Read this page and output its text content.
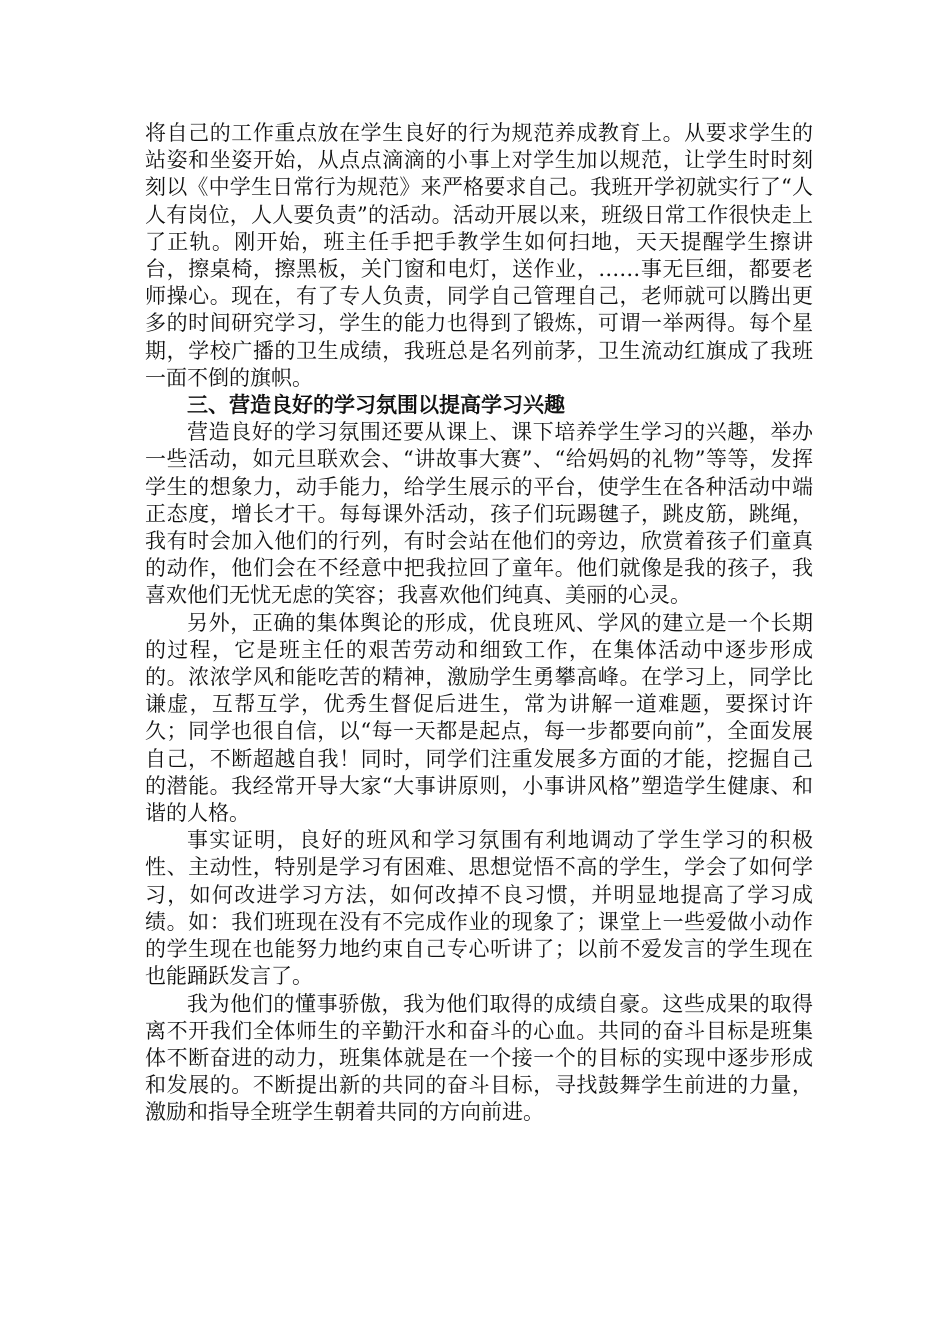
将自己的工作重点放在学生良好的行为规范养成教育上。从要求学生的站姿和坐姿开始，从点点滴滴的小事上对学生加以规范，让学生时时刻刻以《中学生日常行为规范》来严格要求自己。我班开学初就实行了“人人有岗位，人人要负责”的活动。活动开展以来，班级日常工作很快走上了正轨。刚开始，班主任手把手教学生如何扫地，天天提醒学生擦讲台，擦桌椅，擦黑板，关门窗和电灯，送作业，……事无巨细，都要老师操心。现在，有了专人负责，同学自己管理自己，老师就可以腾出更多的时间研究学习，学生的能力也得到了锻炼，可谓一举两得。每个星期，学校广播的卫生成绩，我班总是名列前茅，卫生流动红旗成了我班一面不倒的旗帜。

三、营造良好的学习氛围以提高学习兴趣

营造良好的学习氛围还要从课上、课下培养学生学习的兴趣，举办一些活动，如元旦联欢会、“讲故事大赛”、“给妈妈的礼物”等等，发挥学生的想象力，动手能力，给学生展示的平台，使学生在各种活动中端正态度，增长才干。每每课外活动，孩子们玩踢毽子，跳皮筋，跳绳，我有时会加入他们的行列，有时会站在他们的旁边，欣赏着孩子们童真的动作，他们会在不经意中把我拉回了童年。他们就像是我的孩子，我喜欢他们无忧无虑的笑容；我喜欢他们纯真、美丽的心灵。

另外，正确的集体舆论的形成，优良班风、学风的建立是一个长期的过程，它是班主任的艰苦劳动和细致工作，在集体活动中逐步形成的。浓浓学风和能吃苦的精神，激励学生勇攀高峰。在学习上，同学比谦虚，互帮互学，优秀生督促后进生，常为讲解一道难题，要探讨许久；同学也很自信，以“每一天都是起点，每一步都要向前”，全面发展自己，不断超越自我！同时，同学们注重发展多方面的才能，挖掘自己的潜能。我经常开导大家“大事讲原则，小事讲风格”塑造学生健康、和谐的人格。

事实证明，良好的班风和学习氛围有利地调动了学生学习的积极性、主动性，特别是学习有困难、思想觉悟不高的学生，学会了如何学习，如何改进学习方法，如何改掉不良习惯，并明显地提高了学习成绩。如：我们班现在没有不完成作业的现象了；课堂上一些爱做小动作的学生现在也能努力地约束自己专心听讲了；以前不爱发言的学生现在也能踊跃发言了。

我为他们的懂事骄傲，我为他们取得的成绩自豪。这些成果的取得离不开我们全体师生的辛勤汗水和奋斗的心血。共同的奋斗目标是班集体不断奋进的动力，班集体就是在一个接一个的目标的实现中逐步形成和发展的。不断提出新的共同的奋斗目标，寻找鼓舞学生前进的力量，激励和指导全班学生朝着共同的方向前进。
